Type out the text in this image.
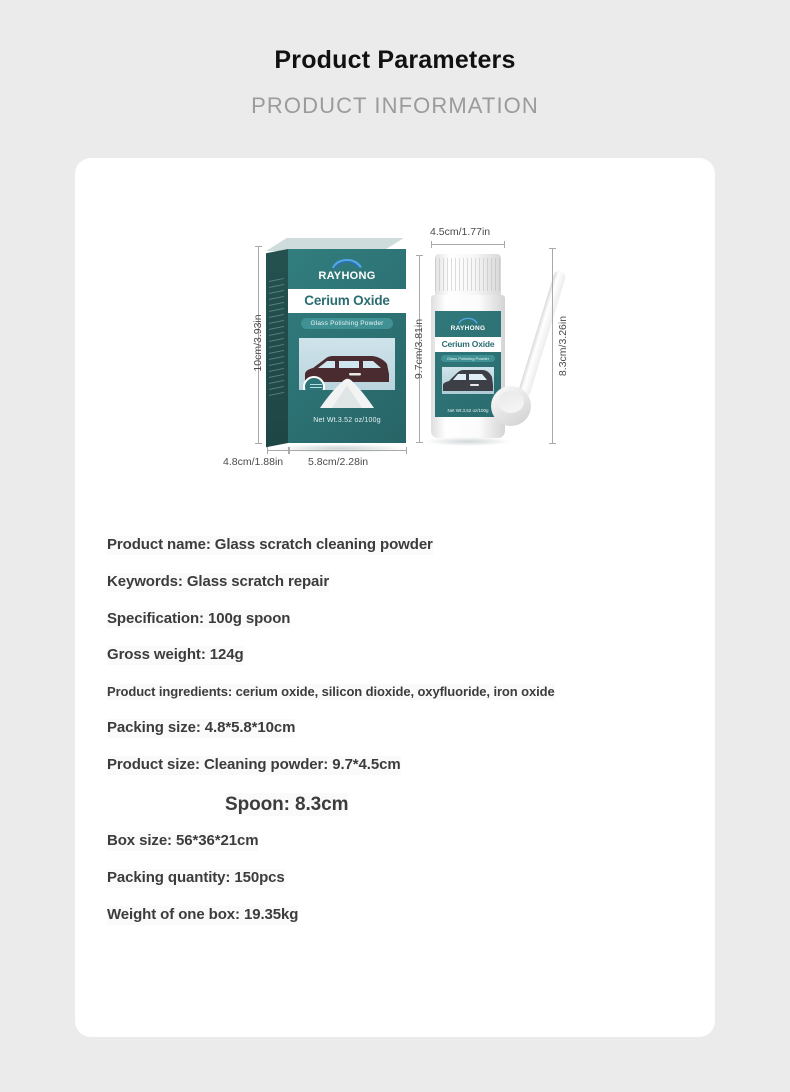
Product Parameters
PRODUCT INFORMATION
10cm/3.93in
RAYHONG
Cerium Oxide
Glass Polishing Powder
Net Wt.3.52 oz/100g
4.8cm/1.88in 5.8cm/2.28in
4.5cm/1.77in
9.7cm/3.81in	RAYHONG
Cerium Oxide
Glass Polishing Powder
Net Wt.3.52 oz/100g
8.3cm/3.26in
Product name: Glass scratch cleaning powder
Keywords: Glass scratch repair
Specification: 100g spoon
Gross weight: 124g
Product ingredients: cerium oxide, silicon dioxide, oxyfluoride, iron oxide
Packing size: 4.8*5.8*10cm
Product size: Cleaning powder: 9.7*4.5cm
Spoon: 8.3cm
Box size: 56*36*21cm
Packing quantity: 150pcs
Weight of one box: 19.35kg
